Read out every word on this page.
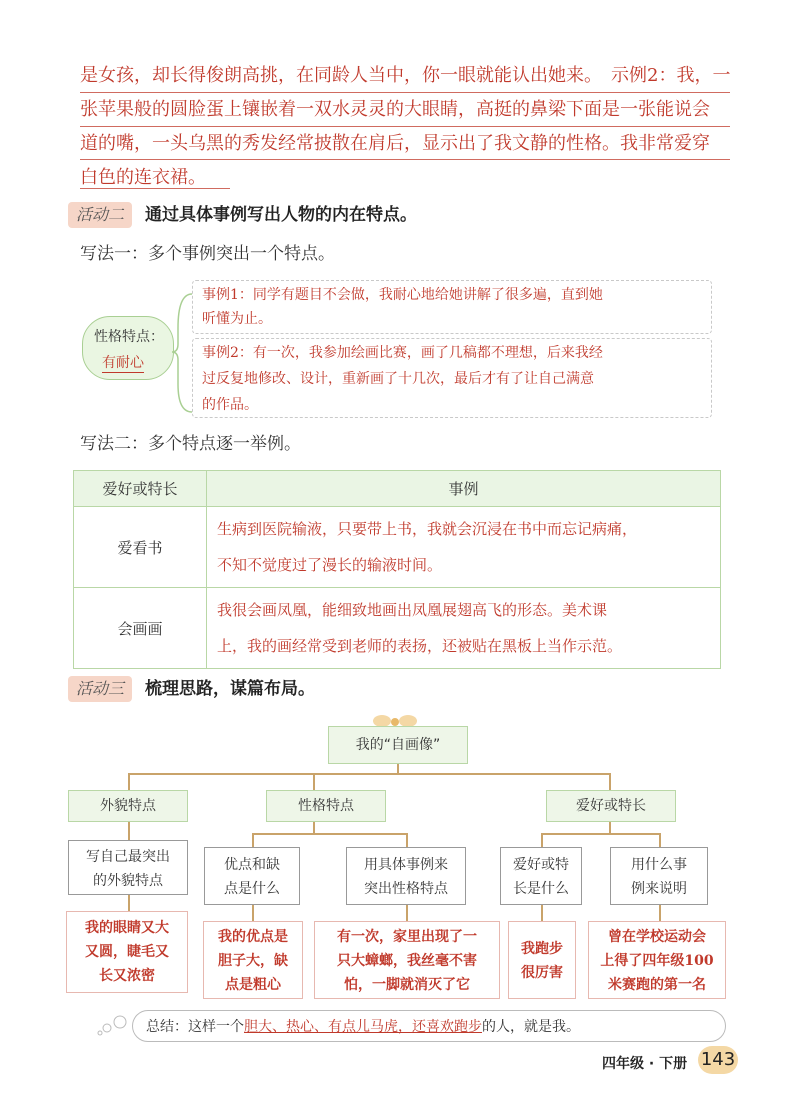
是女孩，却长得俊朗高挑，在同龄人当中，你一眼就能认出她来。　示例2：我，一
张苹果般的圆脸蛋上镶嵌着一双水灵灵的大眼睛，高挺的鼻梁下面是一张能说会
道的嘴，一头乌黑的秀发经常披散在肩后，显示出了我文静的性格。我非常爱穿
白色的连衣裙。
活动二	通过具体事例写出人物的内在特点。
写法一：多个事例突出一个特点。
性格特点：
有耐心
事例1：同学有题目不会做，我耐心地给她讲解了很多遍，直到她
听懂为止。
事例2：有一次，我参加绘画比赛，画了几稿都不理想，后来我经
过反复地修改、设计，重新画了十几次，最后才有了让自己满意
的作品。
写法二：多个特点逐一举例。
爱好或特长	事例
爱看书	生病到医院输液，只要带上书，我就会沉浸在书中而忘记病痛，
不知不觉度过了漫长的输液时间。

会画画	我很会画凤凰，能细致地画出凤凰展翅高飞的形态。美术课
上，我的画经常受到老师的表扬，还被贴在黑板上当作示范。
活动三	梳理思路，谋篇布局。
我的“自画像”
外貌特点	性格特点	爱好或特长
写自己最突出
的外貌特点
优点和缺
点是什么
用具体事例来
突出性格特点
爱好或特
长是什么
用什么事
例来说明
我的眼睛又大
又圆，睫毛又
长又浓密
我的优点是
胆子大，缺
点是粗心
有一次，家里出现了一
只大蟑螂，我丝毫不害
怕，一脚就消灭了它
我跑步
很厉害
曾在学校运动会
上得了四年级100
米赛跑的第一名
总结：这样一个胆大、热心、有点儿马虎，还喜欢跑步的人，就是我。
四年级 · 下册 143
